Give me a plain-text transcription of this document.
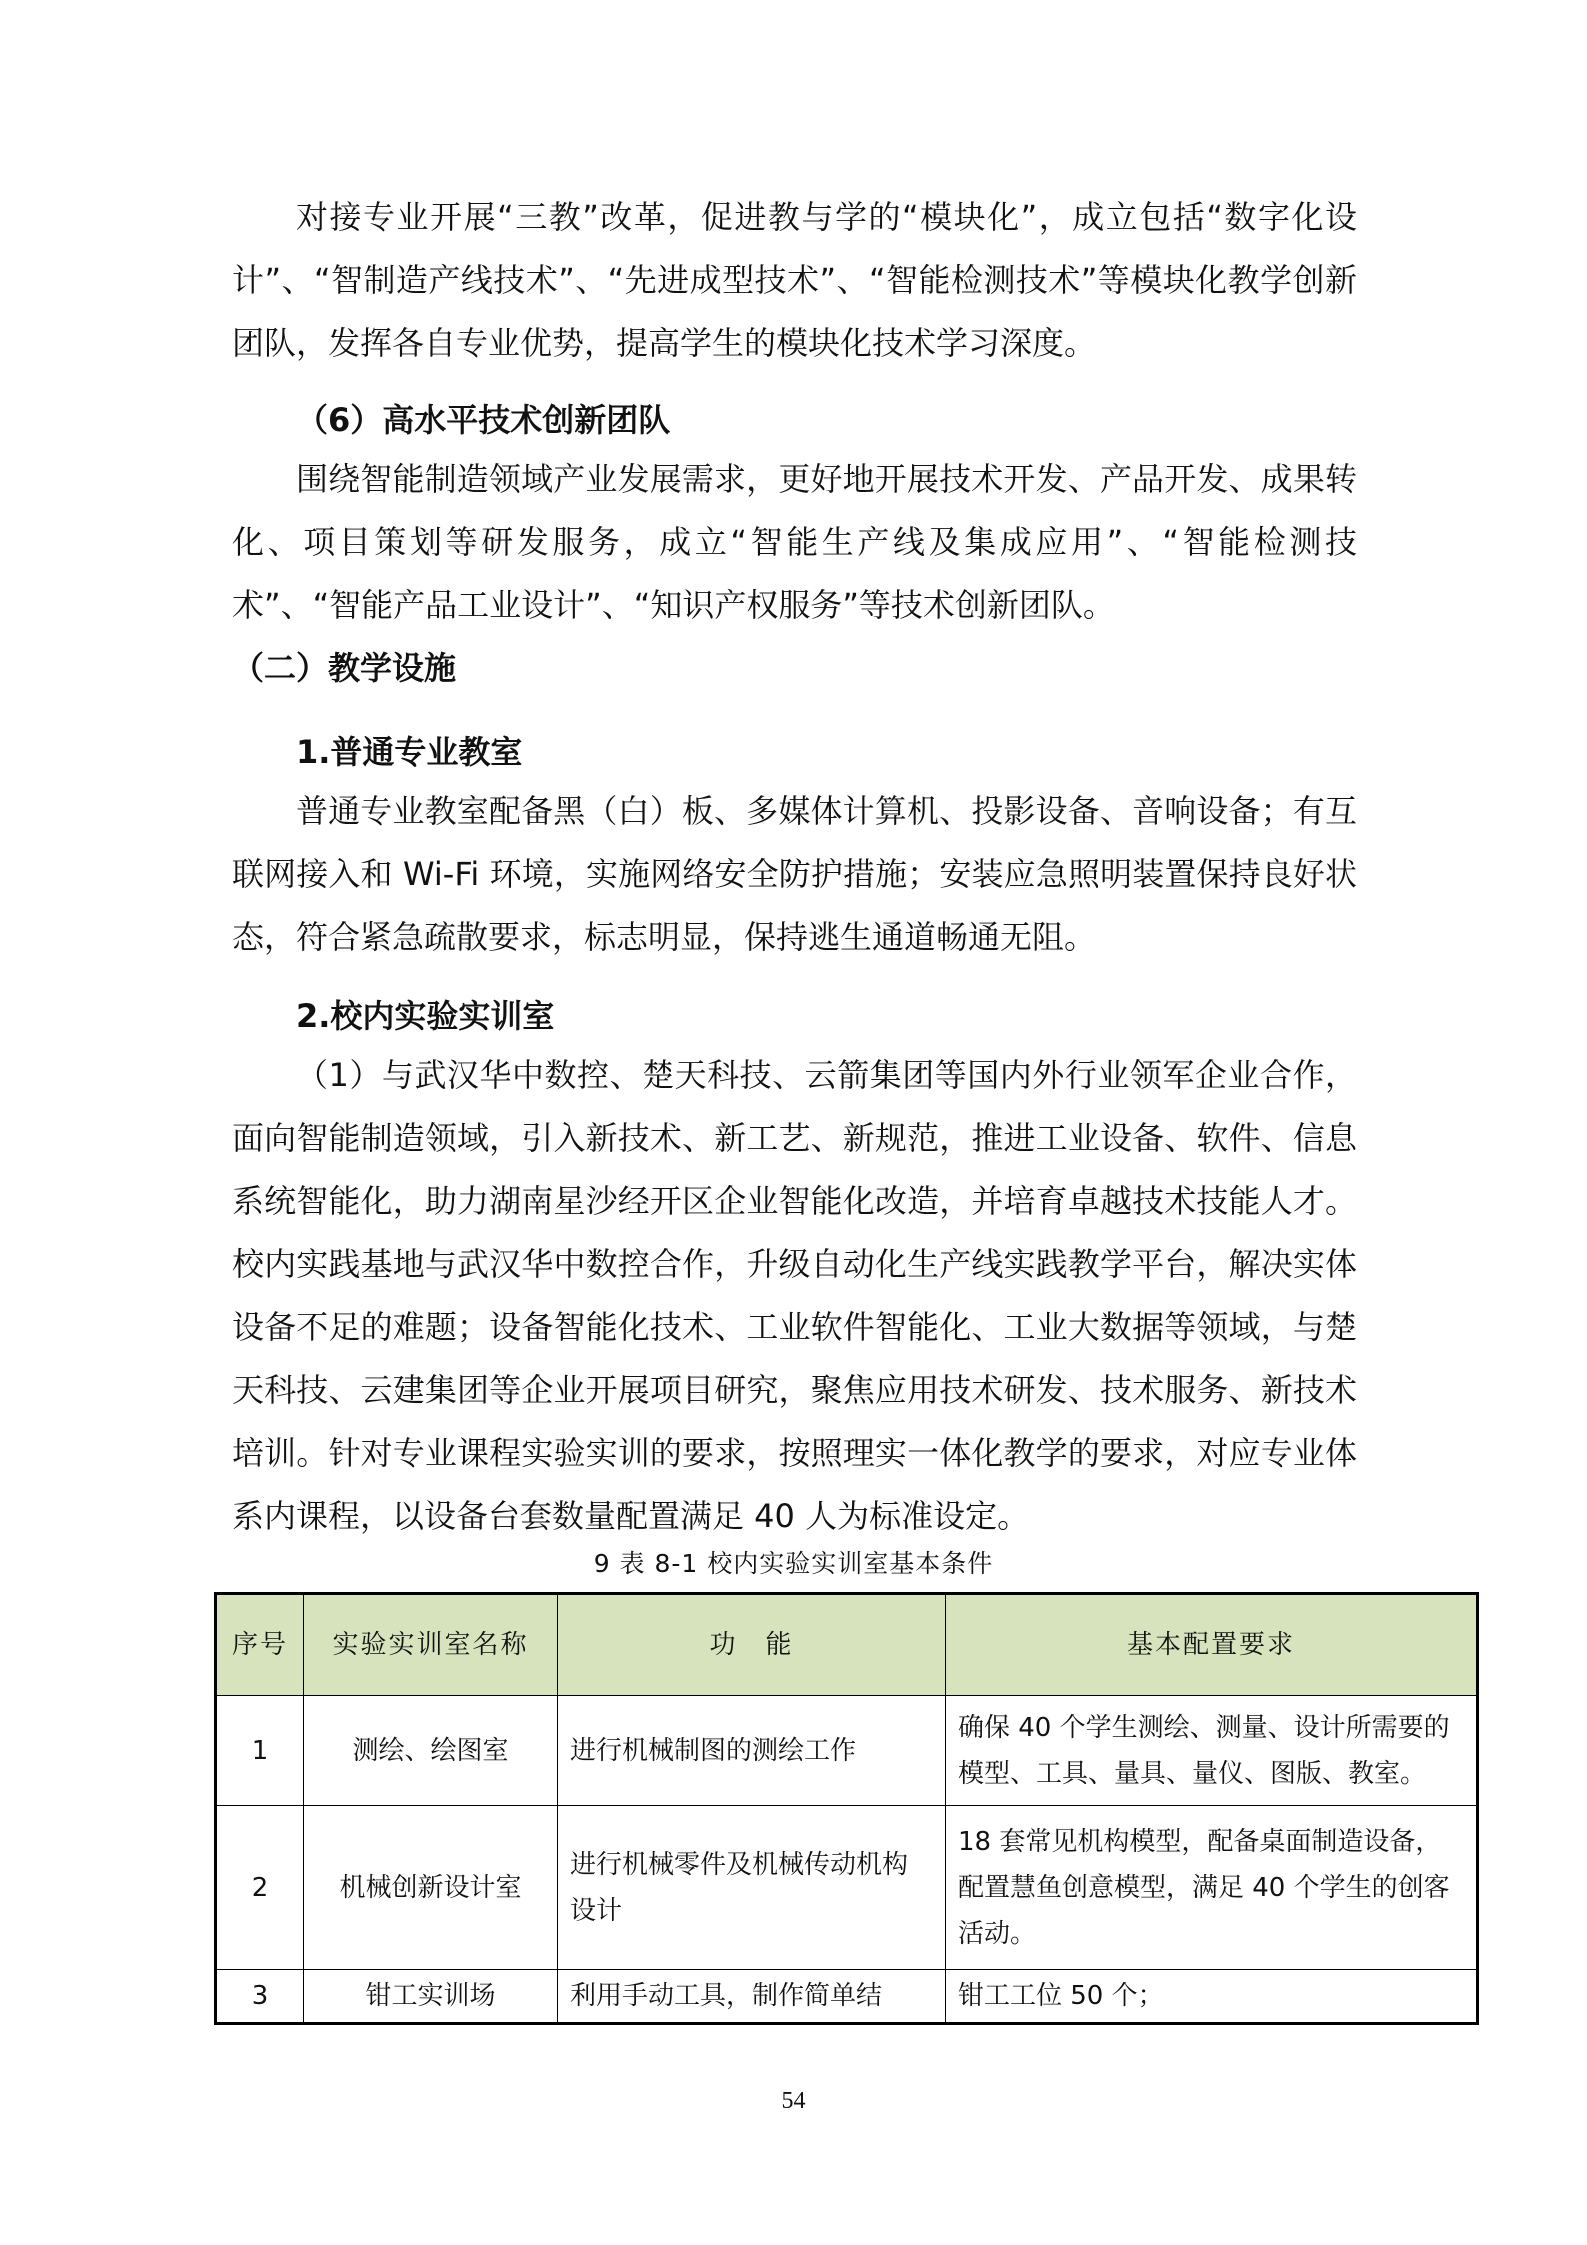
对接专业开展“三教”改革，促进教与学的“模块化”，成立包括“数字化设计”、“智制造产线技术”、“先进成型技术”、“智能检测技术”等模块化教学创新团队，发挥各自专业优势，提高学生的模块化技术学习深度。

（6）高水平技术创新团队

围绕智能制造领域产业发展需求，更好地开展技术开发、产品开发、成果转化、项目策划等研发服务，成立“智能生产线及集成应用”、“智能检测技术”、“智能产品工业设计”、“知识产权服务”等技术创新团队。

（二）教学设施
1.普通专业教室

普通专业教室配备黑（白）板、多媒体计算机、投影设备、音响设备；有互联网接入和 Wi-Fi 环境，实施网络安全防护措施；安装应急照明装置保持良好状态，符合紧急疏散要求，标志明显，保持逃生通道畅通无阻。

2.校内实验实训室

（1）与武汉华中数控、楚天科技、云箭集团等国内外行业领军企业合作，面向智能制造领域，引入新技术、新工艺、新规范，推进工业设备、软件、信息系统智能化，助力湖南星沙经开区企业智能化改造，并培育卓越技术技能人才。校内实践基地与武汉华中数控合作，升级自动化生产线实践教学平台，解决实体设备不足的难题；设备智能化技术、工业软件智能化、工业大数据等领域，与楚天科技、云建集团等企业开展项目研究，聚焦应用技术研发、技术服务、新技术培训。针对专业课程实验实训的要求，按照理实一体化教学的要求，对应专业体系内课程，以设备台套数量配置满足 40 人为标准设定。

9 表 8-1 校内实验实训室基本条件

序号	实验实训室名称	功　能	基本配置要求
1	测绘、绘图室	进行机械制图的测绘工作	确保 40 个学生测绘、测量、设计所需要的模型、工具、量具、量仪、图版、教室。
2	机械创新设计室	进行机械零件及机械传动机构设计	18 套常见机构模型，配备桌面制造设备，配置慧鱼创意模型，满足 40 个学生的创客活动。
3	钳工实训场	利用手动工具，制作简单结	钳工工位 50 个；
54
